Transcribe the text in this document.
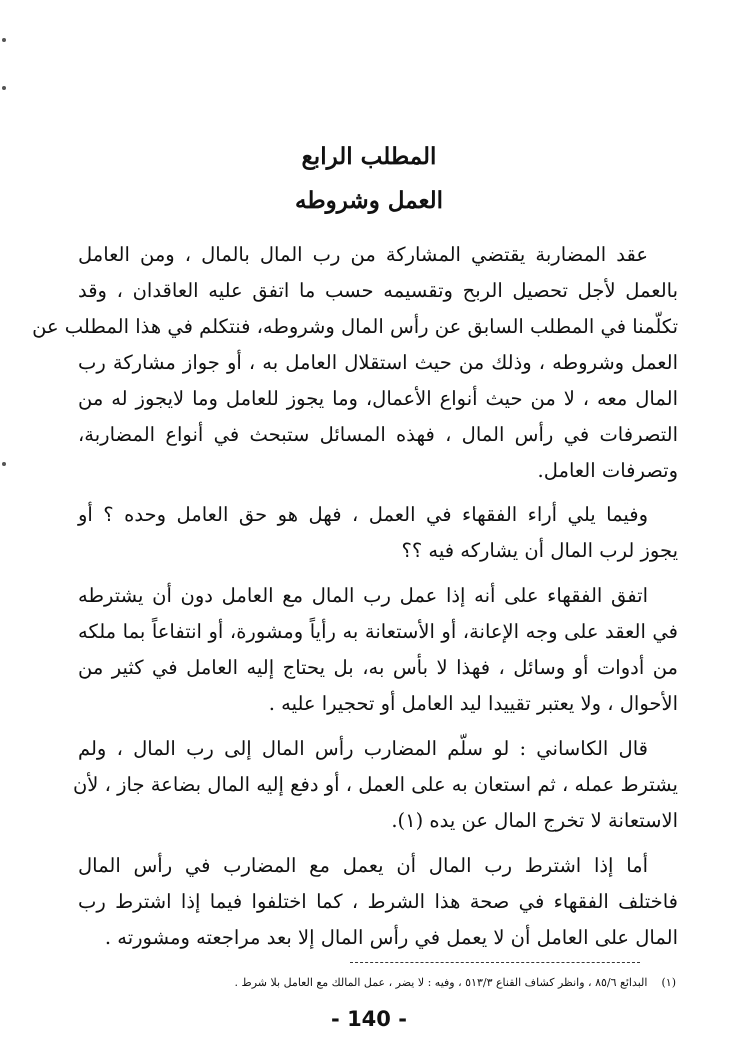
المطلب الرابع
العمل وشروطه
عقد المضاربة يقتضي المشاركة من رب المال بالمال ، ومن العامل
بالعمل لأجل تحصيل الربح وتقسيمه حسب ما اتفق عليه العاقدان ، وقد
تكلّمنا في المطلب السابق عن رأس المال وشروطه، فنتكلم في هذا المطلب عن
العمل وشروطه ، وذلك من حيث استقلال العامل به ، أو جواز مشاركة رب
المال معه ، لا من حيث أنواع الأعمال، وما يجوز للعامل وما لايجوز له من
التصرفات في رأس المال ، فهذه المسائل ستبحث في أنواع المضاربة،
وتصرفات العامل.
وفيما يلي أراء الفقهاء في العمل ، فهل هو حق العامل وحده ؟ أو
يجوز لرب المال أن يشاركه فيه ؟؟
اتفق الفقهاء على أنه إذا عمل رب المال مع العامل دون أن يشترطه
في العقد على وجه الإعانة، أو الأستعانة به رأياً ومشورة، أو انتفاعاً بما ملكه
من أدوات أو وسائل ، فهذا لا بأس به، بل يحتاج إليه العامل في كثير من
الأحوال ، ولا يعتبر تقييدا ليد العامل أو تحجيرا عليه .
قال الكاساني : لو سلّم المضارب رأس المال إلى رب المال ، ولم
يشترط عمله ، ثم استعان به على العمل ، أو دفع إليه المال بضاعة جاز ، لأن
الاستعانة لا تخرج المال عن يده (١).
أما إذا اشترط رب المال أن يعمل مع المضارب في رأس المال
فاختلف الفقهاء في صحة هذا الشرط ، كما اختلفوا فيما إذا اشترط رب
المال على العامل أن لا يعمل في رأس المال إلا بعد مراجعته ومشورته .
(١)البدائع ٨٥/٦ ، وانظر كشاف القناع ٥١٣/٣ ، وفيه : لا يضر ، عمل المالك مع العامل بلا شرط .
- 140 -
